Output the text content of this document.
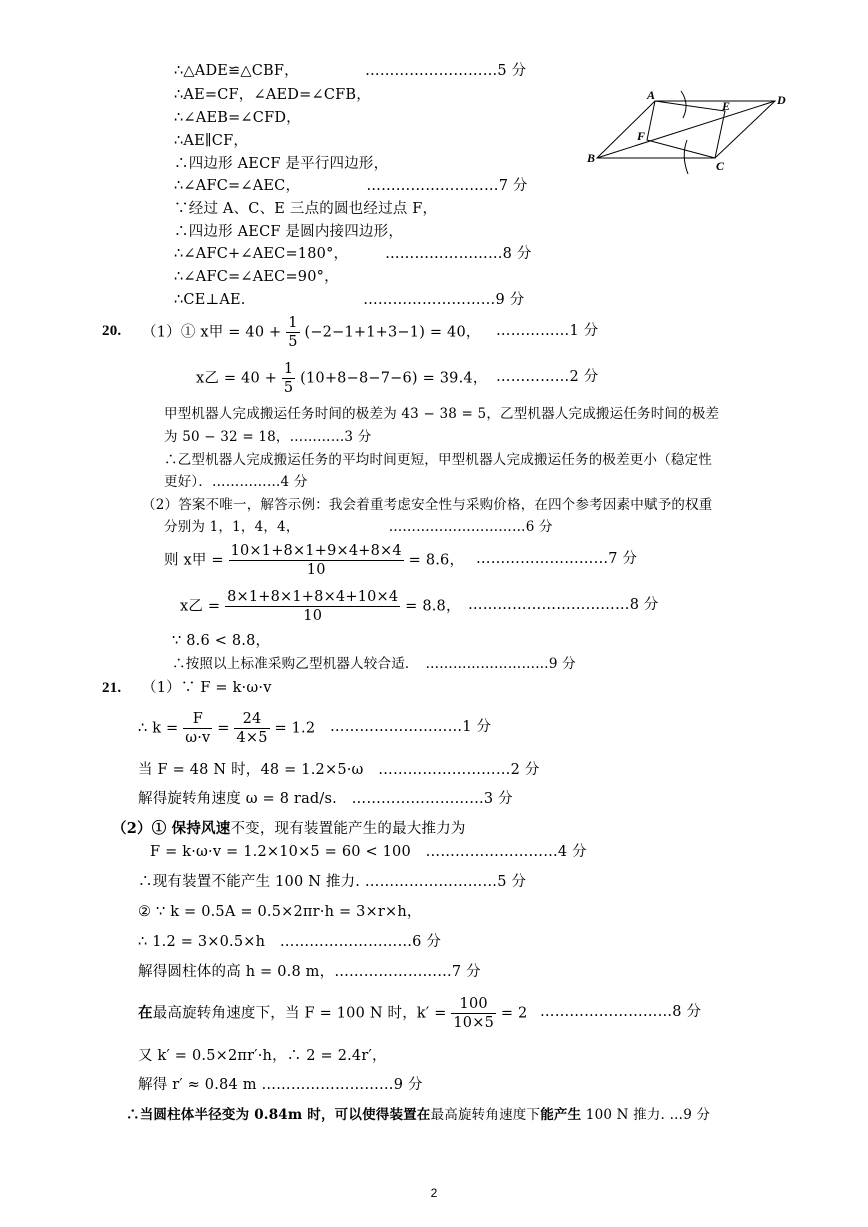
∴△ADE≌△CBF，　　　　　………………………5 分
∴AE=CF，∠AED=∠CFB，
∴∠AEB=∠CFD，
∴AE∥CF，
∴四边形 AECF 是平行四边形，
∴∠AFC=∠AEC，　　　　　………………………7 分
∵经过 A、C、E 三点的圆也经过点 F，
∴四边形 AECF 是圆内接四边形，
∴∠AFC+∠AEC=180°，　　　……………………8 分
∴∠AFC=∠AEC=90°，
∴CE⊥AE.　　　　　　　　………………………9 分
A	D
E
F
B
C
20. （1）① x甲 = $40 + \frac{1}{5} (-2-1+1+3-1) = 40$， ……………1 分
x乙 = $40 + \frac{1}{5} (10+8-8-7-6) = 39.4$， ……………2 分
甲型机器人完成搬运任务时间的极差为 43 − 38 = 5，乙型机器人完成搬运任务时间的极差
为 50 − 32 = 18，…………3 分
∴乙型机器人完成搬运任务的平均时间更短，甲型机器人完成搬运任务的极差更小（稳定性
更好）．……………4 分
（2）答案不唯一，解答示例：我会着重考虑安全性与采购价格，在四个参考因素中赋予的权重
分别为 1，1，4，4，　　　　　　　…………………………6 分
则 x甲 = $\frac{10\times 1+8\times 1+9\times 4+8\times 4}{10} = 8.6$， ………………………7 分
x乙 = $\frac{8\times 1+8\times 1+8\times 4+10\times 4}{10} = 8.8$， ……………………………8 分
∵ 8.6 < 8.8，
∴按照以上标准采购乙型机器人较合适．　………………………9 分
21. （1）∵ F = k·ω·v
∴ $k = \frac{F}{\omega\cdot v} = \frac{24}{4\times 5} = 1.2$ ………………………1 分
当 F = 48 N 时，48 = 1.2×5·ω　………………………2 分
解得旋转角速度 ω = 8 rad/s.　………………………3 分
（2）① 保持风速不变，现有装置能产生的最大推力为
F = k·ω·v = 1.2×10×5 = 60 < 100　………………………4 分
∴现有装置不能产生 100 N 推力. ………………………5 分
② ∵ k = 0.5A = 0.5×2πr·h = 3×r×h，
∴ 1.2 = 3×0.5×h　………………………6 分
解得圆柱体的高 h = 0.8 m，……………………7 分
在最高旋转角速度下，当 F = 100 N 时，$k' = \frac{100}{10\times 5} = 2$ ………………………8 分
又 k′ = 0.5×2πr′·h，∴ 2 = 2.4r′，
解得 r′ ≈ 0.84 m ………………………9 分
∴当圆柱体半径变为 0.84m 时，可以使得装置在最高旋转角速度下能产生 100 N 推力. …9 分
2
